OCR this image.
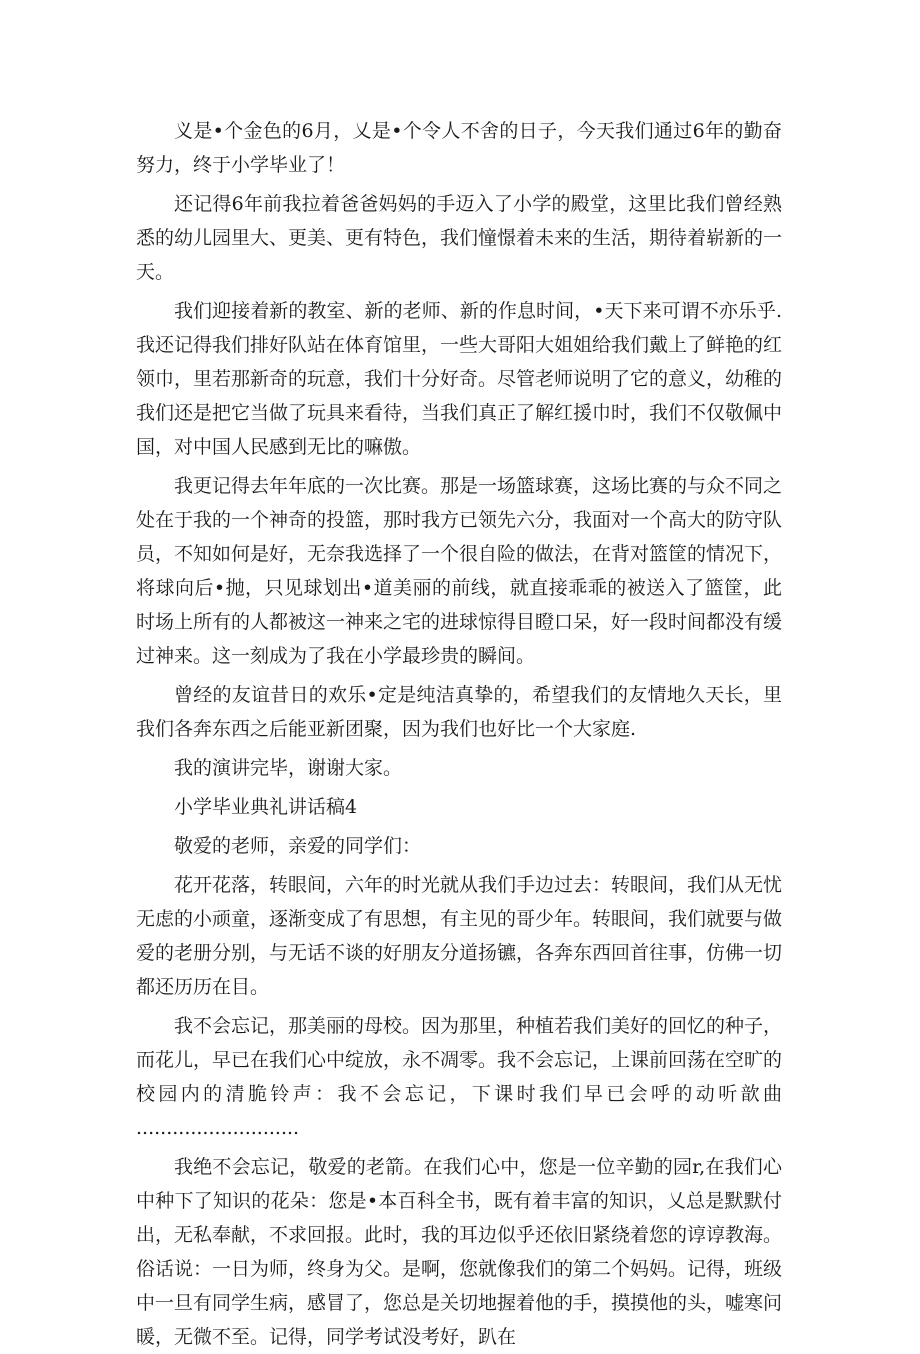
义是•个金色的6月，乂是•个令人不舍的日子，今天我们通过6年的勤奋努力，终于小学毕业了！

还记得6年前我拉着爸爸妈妈的手迈入了小学的殿堂，这里比我们曾经熟悉的幼儿园里大、更美、更有特色，我们憧憬着未来的生活，期待着崭新的一天。

我们迎接着新的教室、新的老师、新的作息时间，•天下来可谓不亦乐乎.我还记得我们排好队站在体育馆里，一些大哥阳大姐姐给我们戴上了鲜艳的红领巾，里若那新奇的玩意，我们十分好奇。尽管老师说明了它的意义，幼稚的我们还是把它当做了玩具来看待，当我们真正了解红援巾时，我们不仅敬佩中国，对中国人民感到无比的嘛傲。

我更记得去年年底的一次比赛。那是一场篮球赛，这场比赛的与众不同之处在于我的一个神奇的投篮，那时我方已领先六分，我面对一个高大的防守队员，不知如何是好，无奈我选择了一个很自险的做法，在背对篮筐的情况下，将球向后•抛，只见球划出•道美丽的前线，就直接乖乖的被送入了篮筐，此时场上所有的人都被这一神来之宅的进球惊得目瞪口呆，好一段时间都没有缓过神来。这一刻成为了我在小学最珍贵的瞬间。

曾经的友谊昔日的欢乐•定是纯洁真挚的，希望我们的友情地久天长，里我们各奔东西之后能亚新团聚，因为我们也好比一个大家庭.

我的演讲完毕，谢谢大家。

小学毕业典礼讲话稿4

敬爱的老师，亲爱的同学们：

花开花落，转眼间，六年的时光就从我们手边过去：转眼间，我们从无忧无虑的小顽童，逐渐变成了有思想，有主见的哥少年。转眼间，我们就要与做爱的老册分别，与无话不谈的好朋友分道扬镳，各奔东西回首往事，仿佛一切都还历历在目。

我不会忘记，那美丽的母校。因为那里，种植若我们美好的回忆的种子，而花儿，早已在我们心中绽放，永不凋零。我不会忘记，上课前回荡在空旷的校园内的清脆铃声：我不会忘记，下课时我们早已会呼的动听歆曲 ...........................

我绝不会忘记，敬爱的老箭。在我们心中，您是一位辛勤的园r,在我们心中种下了知识的花朵：您是•本百科全书，既有着丰富的知识，乂总是默默付出，无私奉献，不求回报。此时，我的耳边似乎还依旧紧绕着您的谆谆教海。俗话说：一日为师，终身为父。是啊，您就像我们的第二个妈妈。记得，班级中一旦有同学生病，感冒了，您总是关切地握着他的手，摸摸他的头，嘘寒问暖，无微不至。记得，同学考试没考好，趴在
